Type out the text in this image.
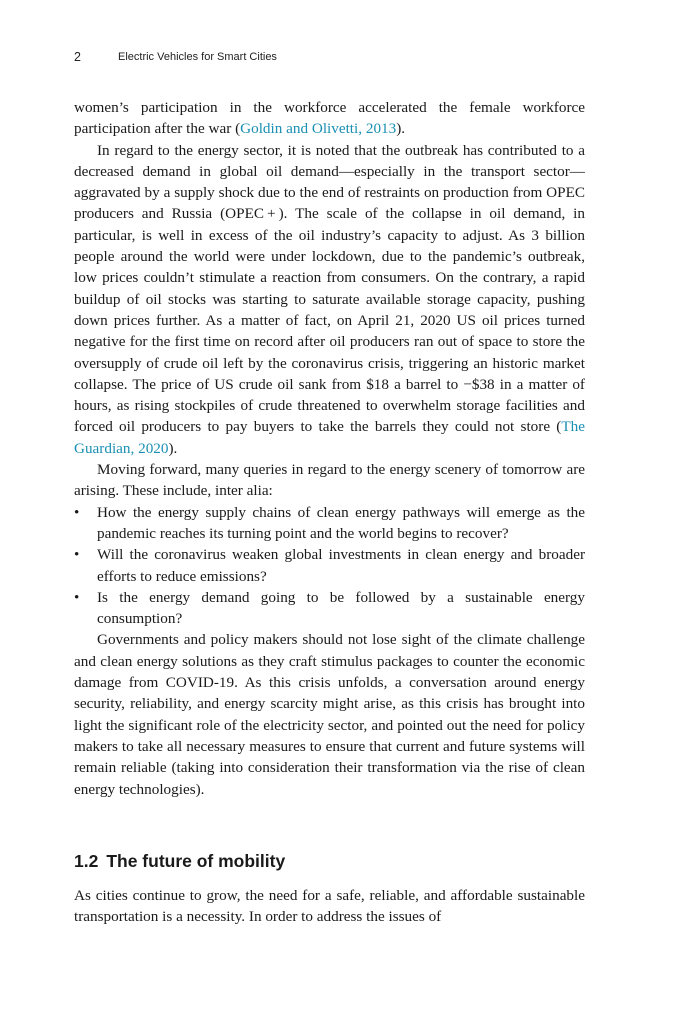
2	Electric Vehicles for Smart Cities

women’s participation in the workforce accelerated the female workforce participation after the war (Goldin and Olivetti, 2013).

In regard to the energy sector, it is noted that the outbreak has contributed to a decreased demand in global oil demand—especially in the transport sector—aggravated by a supply shock due to the end of restraints on production from OPEC producers and Russia (OPEC + ). The scale of the collapse in oil demand, in particular, is well in excess of the oil industry’s capacity to adjust. As 3 billion people around the world were under lockdown, due to the pandemic’s outbreak, low prices couldn’t stimulate a reaction from consumers. On the contrary, a rapid buildup of oil stocks was starting to saturate available storage capacity, pushing down prices further. As a matter of fact, on April 21, 2020 US oil prices turned negative for the first time on record after oil producers ran out of space to store the oversupply of crude oil left by the coronavirus crisis, triggering an historic market collapse. The price of US crude oil sank from $18 a barrel to −$38 in a matter of hours, as rising stockpiles of crude threatened to overwhelm storage facilities and forced oil producers to pay buyers to take the barrels they could not store (The Guardian, 2020).

Moving forward, many queries in regard to the energy scenery of tomorrow are arising. These include, inter alia:

• How the energy supply chains of clean energy pathways will emerge as the pandemic reaches its turning point and the world begins to recover?
• Will the coronavirus weaken global investments in clean energy and broader efforts to reduce emissions?
• Is the energy demand going to be followed by a sustainable energy consumption?

Governments and policy makers should not lose sight of the climate challenge and clean energy solutions as they craft stimulus packages to counter the economic damage from COVID-19. As this crisis unfolds, a conversation around energy security, reliability, and energy scarcity might arise, as this crisis has brought into light the significant role of the electricity sector, and pointed out the need for policy makers to take all necessary measures to ensure that current and future systems will remain reliable (taking into consideration their transformation via the rise of clean energy technologies).

1.2 The future of mobility

As cities continue to grow, the need for a safe, reliable, and affordable sustainable transportation is a necessity. In order to address the issues of
